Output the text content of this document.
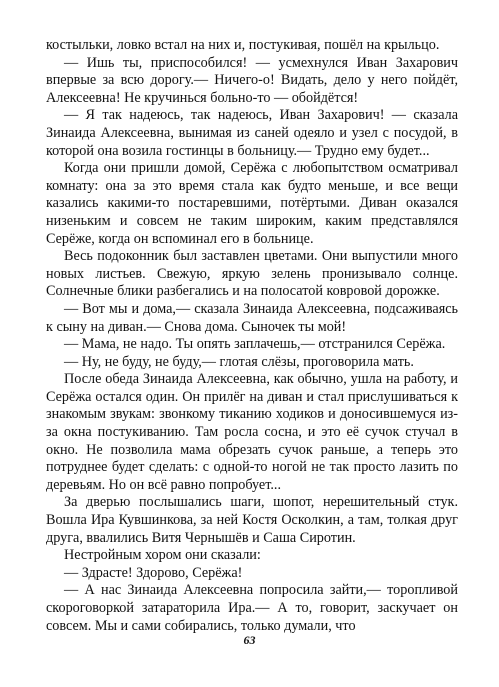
костыльки, ловко встал на них и, постукивая, пошёл на крыльцо.

— Ишь ты, приспособился! — усмехнулся Иван Захарович впервые за всю дорогу.— Ничего-о! Видать, дело у него пойдёт, Алексеевна! Не кручинься больно-то — обойдётся!

— Я так надеюсь, так надеюсь, Иван Захарович! — сказала Зинаида Алексеевна, вынимая из саней одеяло и узел с посудой, в которой она возила гостинцы в больницу.— Трудно ему будет...

Когда они пришли домой, Серёжа с любопытством осматривал комнату: она за это время стала как будто меньше, и все вещи казались какими-то постаревшими, потёртыми. Диван оказался низеньким и совсем не таким широким, каким представлялся Серёже, когда он вспоминал его в больнице.

Весь подоконник был заставлен цветами. Они выпустили много новых листьев. Свежую, яркую зелень пронизывало солнце. Солнечные блики разбегались и на полосатой ковровой дорожке.

— Вот мы и дома,— сказала Зинаида Алексеевна, подсаживаясь к сыну на диван.— Снова дома. Сыночек ты мой!

— Мама, не надо. Ты опять заплачешь,— отстранился Серёжа.

— Ну, не буду, не буду,— глотая слёзы, проговорила мать.

После обеда Зинаида Алексеевна, как обычно, ушла на работу, и Серёжа остался один. Он прилёг на диван и стал прислушиваться к знакомым звукам: звонкому тиканию ходиков и доносившемуся из-за окна постукиванию. Там росла сосна, и это её сучок стучал в окно. Не позволила мама обрезать сучок раньше, а теперь это потруднее будет сделать: с одной-то ногой не так просто лазить по деревьям. Но он всё равно попробует...

За дверью послышались шаги, шопот, нерешительный стук. Вошла Ира Кувшинкова, за ней Костя Осколкин, а там, толкая друг друга, ввалились Витя Чернышёв и Саша Сиротин.

Нестройным хором они сказали:

— Здрасте! Здорово, Серёжа!

— А нас Зинаида Алексеевна попросила зайти,— торопливой скороговоркой затараторила Ира.— А то, говорит, заскучает он совсем. Мы и сами собирались, только думали, что

63
